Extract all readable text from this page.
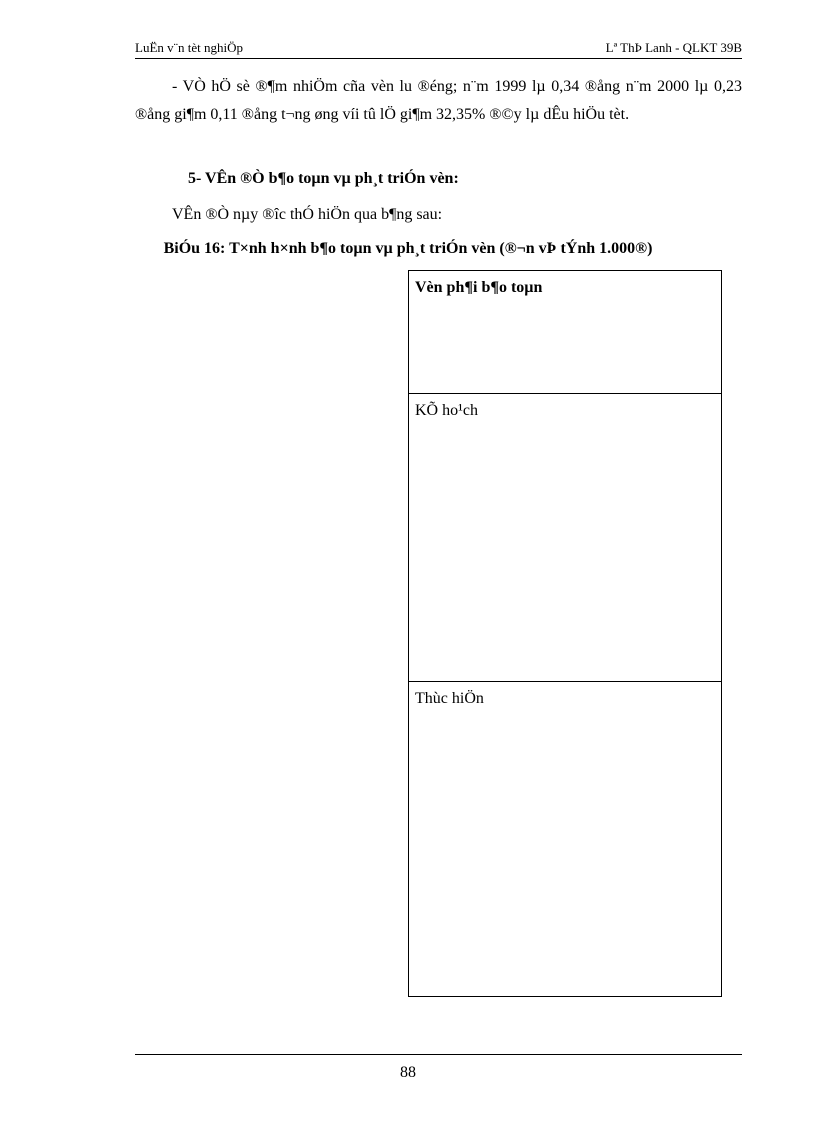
LuËn v¨n tèt nghiÖp	Lª ThÞ Lanh - QLKT 39B
- VÒ hÖ sè ®¶m nhiÖm cña vèn lu ®éng; n¨m 1999 lµ 0,34 ®ång n¨m 2000 lµ 0,23 ®ång gi¶m 0,11 ®ång t¬ng øng víi tû lÖ gi¶m 32,35% ®©y lµ dÊu hiÖu tèt.
5- VÊn ®Ò b¶o toµn vµ ph¸t triÓn vèn:
VÊn ®Ò nµy ®îc thÓ hiÖn qua b¶ng sau:
BiÓu 16: T×nh h×nh b¶o toµn vµ ph¸t triÓn vèn (®¬n vÞ tÝnh 1.000®)
Vèn ph¶i b¶o toµn
KÕ ho¹ch
Thùc hiÖn
88
